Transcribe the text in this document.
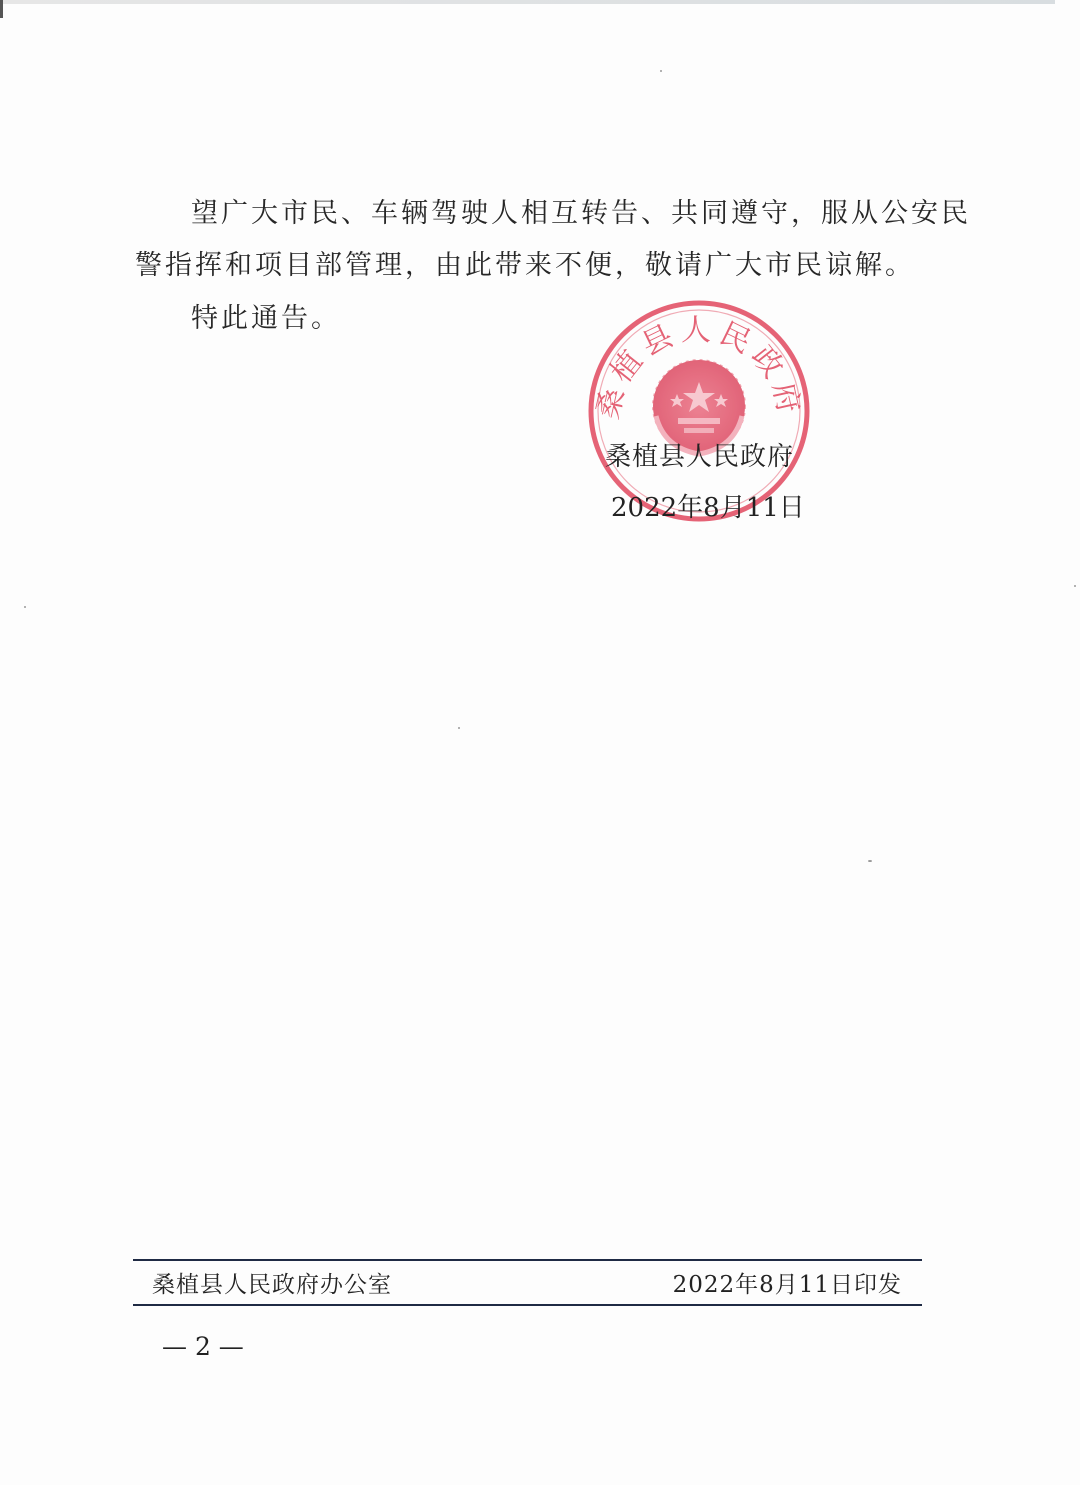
望广大市民、车辆驾驶人相互转告、共同遵守，服从公安民

警指挥和项目部管理，由此带来不便，敬请广大市民谅解。

特此通告。

桑植县人民政府
桑植县人民政府
2022年8月11日
桑植县人民政府办公室	2022年8月11日印发
— 2 —
